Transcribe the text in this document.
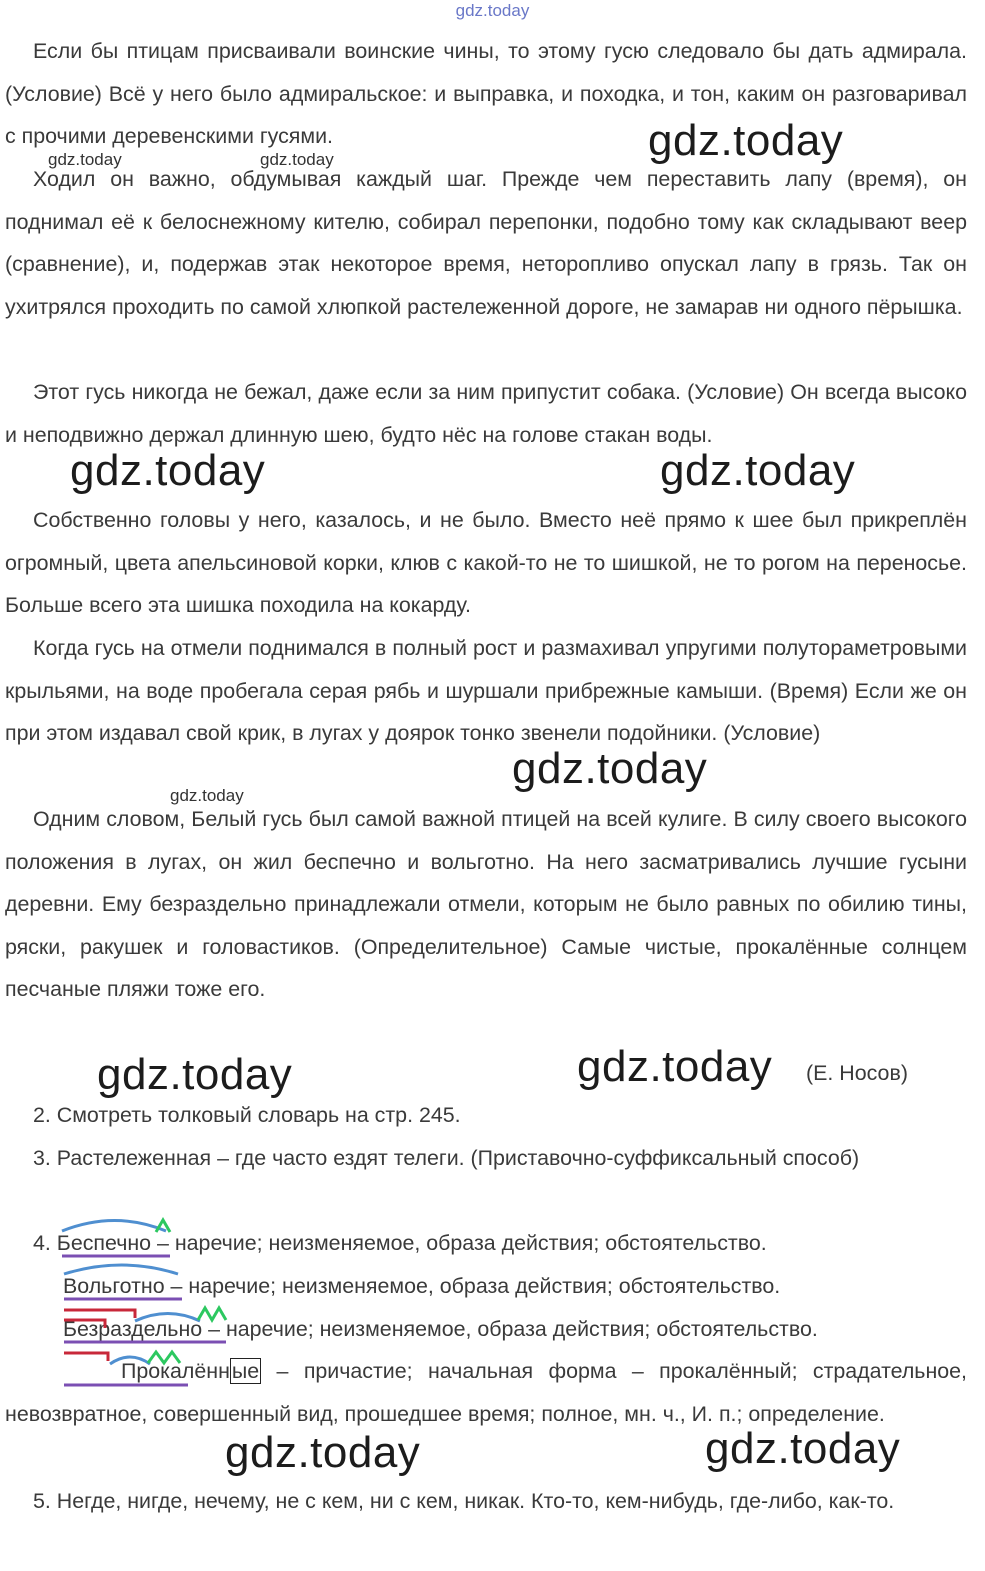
gdz.today

Если бы птицам присваивали воинские чины, то этому гусю следовало бы дать адмирала. (Условие) Всё у него было адмиральское: и выправка, и походка, и тон, каким он разговаривал с прочими деревенскими гусями.

Ходил он важно, обдумывая каждый шаг. Прежде чем переставить лапу (время), он поднимал её к белоснежному кителю, собирал перепонки, подобно тому как складывают веер (сравнение), и, подержав этак некоторое время, неторопливо опускал лапу в грязь. Так он ухитрялся проходить по самой хлюпкой растележенной дороге, не замарав ни одного пёрышка.

Этот гусь никогда не бежал, даже если за ним припустит собака. (Условие) Он всегда высоко и неподвижно держал длинную шею, будто нёс на голове стакан воды.

Собственно головы у него, казалось, и не было. Вместо неё прямо к шее был прикреплён огромный, цвета апельсиновой корки, клюв с какой-то не то шишкой, не то рогом на переносье. Больше всего эта шишка походила на кокарду.

Когда гусь на отмели поднимался в полный рост и размахивал упругими полутораметровыми крыльями, на воде пробегала серая рябь и шуршали прибрежные камыши. (Время) Если же он при этом издавал свой крик, в лугах у доярок тонко звенели подойники. (Условие)

Одним словом, Белый гусь был самой важной птицей на всей кулиге. В силу своего высокого положения в лугах, он жил беспечно и вольготно. На него засматривались лучшие гусыни деревни. Ему безраздельно принадлежали отмели, которым не было равных по обилию тины, ряски, ракушек и головастиков. (Определительное) Самые чистые, прокалённые солнцем песчаные пляжи тоже его.

gdz.today
gdz.today	gdz.today
gdz.today
gdz.today	gdz.today
gdz.today	gdz.today
gdz.today	gdz.today
gdz.today
(Е. Носов)
2. Смотреть толковый словарь на стр. 245.

3. Растележенная – где часто ездят телеги. (Приставочно-суффиксальный способ)

4. Беспечно – наречие; неизменяемое, образа действия; обстоятельство.
Вольготно – наречие; неизменяемое, образа действия; обстоятельство.
Безраздельно – наречие; неизменяемое, образа действия; обстоятельство.

Прокалённые – причастие; начальная форма – прокалённый; страдательное, невозвратное, совершенный вид, прошедшее время; полное, мн. ч., И. п.; определение.

5. Негде, нигде, нечему, не с кем, ни с кем, никак. Кто-то, кем-нибудь, где-либо, как-то.
